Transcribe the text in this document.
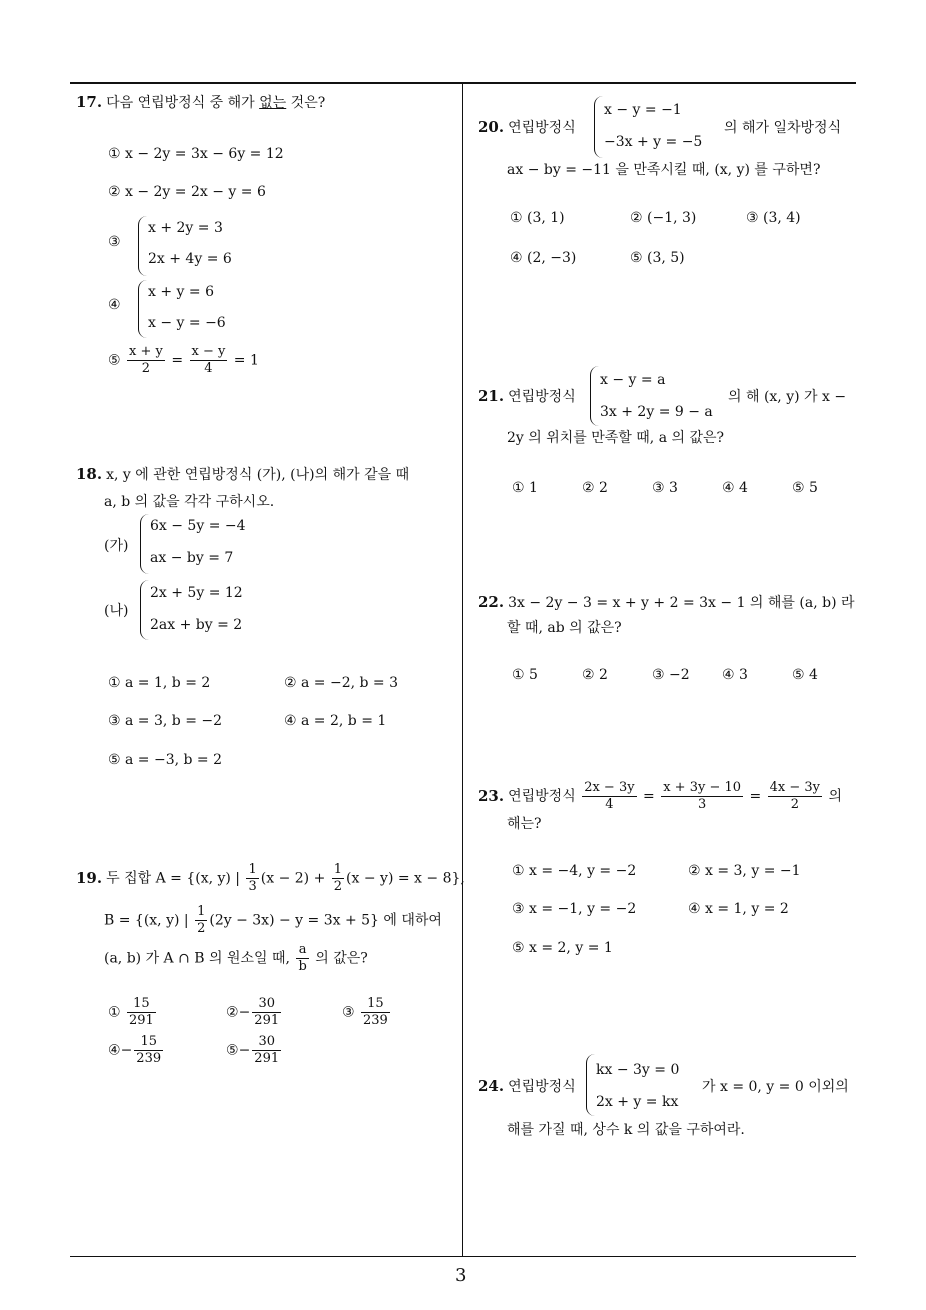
3
17. 다음 연립방정식 중 해가 없는 것은?
① x − 2y = 3x − 6y = 12
② x − 2y = 2x − y = 6
③
x + 2y = 3
2x + 4y = 6
④
x + y = 6
x − y = −6
⑤ $\frac{x + y}{2} = \frac{x - y}{4} = 1$
18. x, y 에 관한 연립방정식 (가), (나)의 해가 같을 때
a, b 의 값을 각각 구하시오.
(가)
6x − 5y = −4
ax − by = 7
(나)
2x + 5y = 12
2ax + by = 2
① a = 1, b = 2	② a = −2, b = 3
③ a = 3, b = −2	④ a = 2, b = 1
⑤ a = −3, b = 2
19. 두 집합 A = {(x, y) | $\frac{1}{3} (x - 2) + \frac{1}{2} (x - y) = x - 8$},
B = {(x, y) | $\frac{1}{2} (2y - 3x) - y = 3x + 5$} 에 대하여
(a, b) 가 A ∩ B 의 원소일 때, $\frac{a}{b}$ 의 값은?
① $\frac{15}{291}$	②− $\frac{30}{291}$	③ $\frac{15}{239}$
④− $\frac{15}{239}$	⑤− $\frac{30}{291}$
20. 연립방정식
x − y = −1
−3x + y = −5
의 해가 일차방정식
ax − by = −11 을 만족시킬 때, (x, y) 를 구하면?
① (3, 1)	② (−1, 3)	③ (3, 4)
④ (2, −3)	⑤ (3, 5)
21. 연립방정식
x − y = a
3x + 2y = 9 − a
의 해 (x, y) 가 x −
2y 의 위치를 만족할 때, a 의 값은?
① 1	② 2	③ 3	④ 4	⑤ 5
22. 3x − 2y − 3 = x + y + 2 = 3x − 1 의 해를 (a, b) 라
할 때, ab 의 값은?
① 5	② 2	③ −2 ④ 3	⑤ 4
23. 연립방정식 $\frac{2x - 3y}{4} = \frac{x + 3y - 10}{3} = \frac{4x - 3y}{2}$ 의
해는?
① x = −4, y = −2	② x = 3, y = −1
③ x = −1, y = −2	④ x = 1, y = 2
⑤ x = 2, y = 1
24. 연립방정식
kx − 3y = 0
2x + y = kx
가 x = 0, y = 0 이외의
해를 가질 때, 상수 k 의 값을 구하여라.
